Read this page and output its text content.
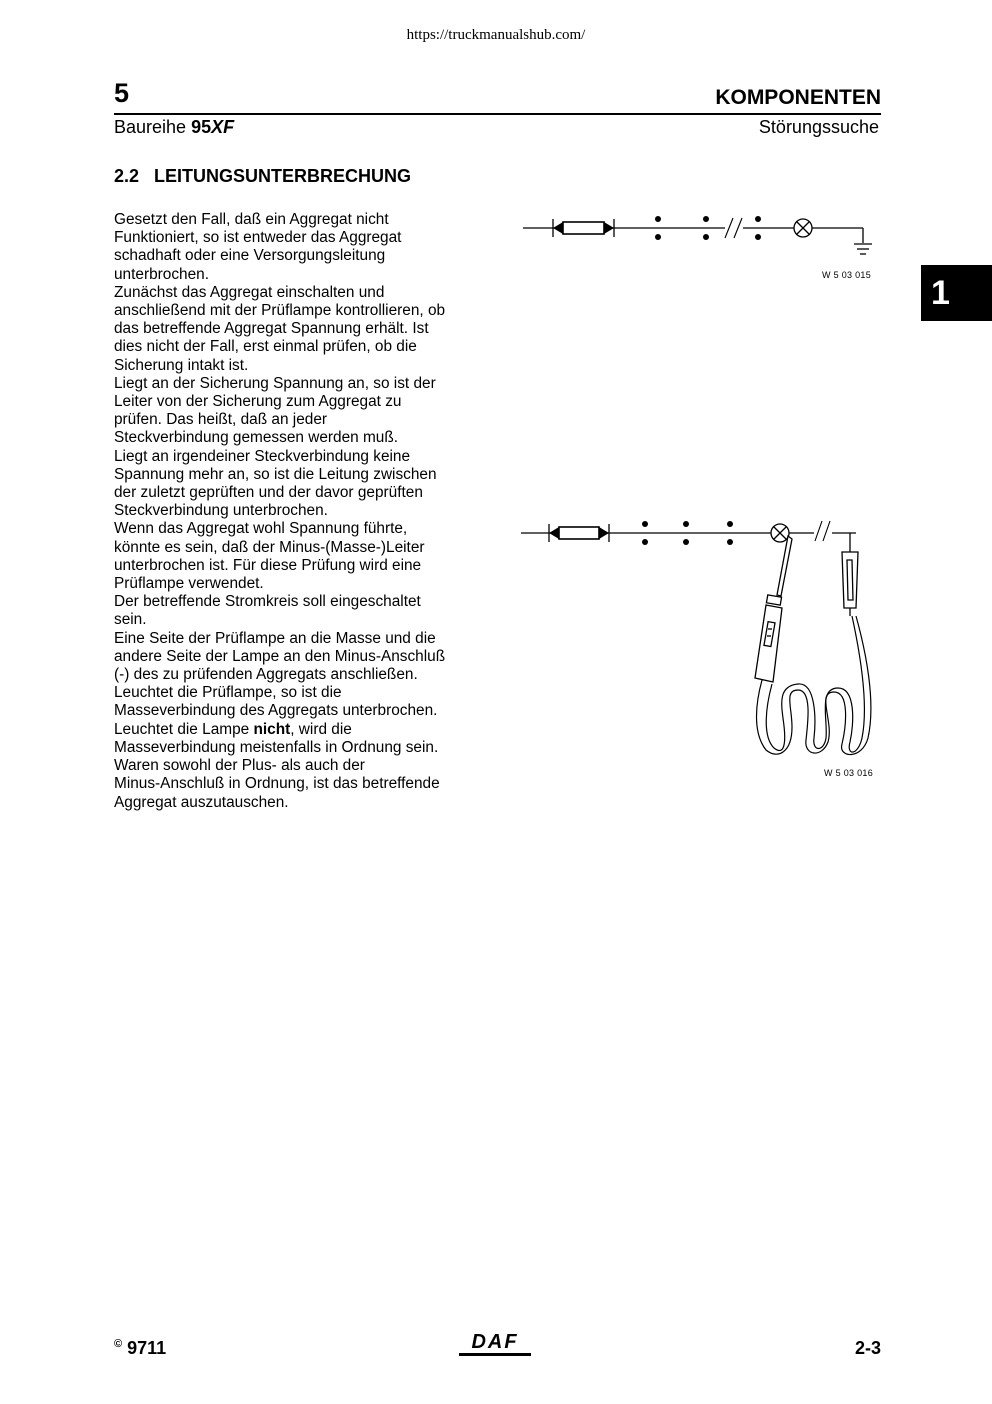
https://truckmanualshub.com/
5	KOMPONENTEN
Baureihe 95XF	Störungssuche
2.2 LEITUNGSUNTERBRECHUNG
1

Gesetzt den Fall, daß ein Aggregat nicht

Funktioniert, so ist entweder das Aggregat

schadhaft oder eine Versorgungsleitung

unterbrochen.

Zunächst das Aggregat einschalten und

anschließend mit der Prüflampe kontrollieren, ob

das betreffende Aggregat Spannung erhält. Ist

dies nicht der Fall, erst einmal prüfen, ob die

Sicherung intakt ist.

Liegt an der Sicherung Spannung an, so ist der

Leiter von der Sicherung zum Aggregat zu

prüfen. Das heißt, daß an jeder

Steckverbindung gemessen werden muß.

Liegt an irgendeiner Steckverbindung keine

Spannung mehr an, so ist die Leitung zwischen

der zuletzt geprüften und der davor geprüften

Steckverbindung unterbrochen.

Wenn das Aggregat wohl Spannung führte,

könnte es sein, daß der Minus-(Masse-)Leiter

unterbrochen ist. Für diese Prüfung wird eine

Prüflampe verwendet.

Der betreffende Stromkreis soll eingeschaltet

sein.

Eine Seite der Prüflampe an die Masse und die

andere Seite der Lampe an den Minus-Anschluß

(-) des zu prüfenden Aggregats anschließen.

Leuchtet die Prüflampe, so ist die

Masseverbindung des Aggregats unterbrochen.

Leuchtet die Lampe nicht, wird die

Masseverbindung meistenfalls in Ordnung sein.

Waren sowohl der Plus- als auch der

Minus-Anschluß in Ordnung, ist das betreffende

Aggregat auszutauschen.

W 5 03 015
W 5 03 016
© 9711	DAF	2-3
